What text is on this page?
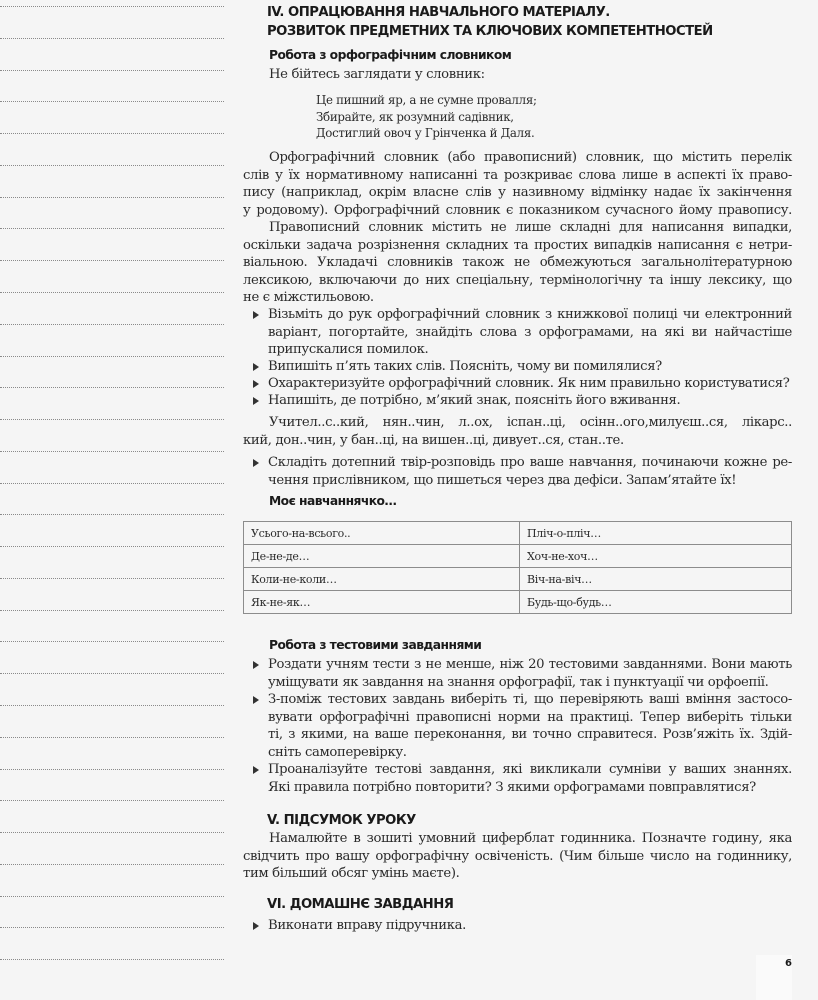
IV. ОПРАЦЮВАННЯ НАВЧАЛЬНОГО МАТЕРІАЛУ.
РОЗВИТОК ПРЕДМЕТНИХ ТА КЛЮЧОВИХ КОМПЕТЕНТНОСТЕЙ
Робота з орфографічним словником
Не бійтесь заглядати у словник:
Це пишний яр, а не сумне провалля;
Збирайте, як розумний садівник,
Достиглий овоч у Грінченка й Даля.
Орфографічний словник (або правописний) словник, що містить перелік
слів у їх нормативному написанні та розкриває слова лише в аспекті їх право-
пису (наприклад, окрім власне слів у називному відмінку надає їх закінчення
у родовому). Орфографічний словник є показником сучасного йому правопису.
Правописний словник містить не лише складні для написання випадки,
оскільки задача розрізнення складних та простих випадків написання є нетри-
віальною. Укладачі словників також не обмежуються загальнолітературною
лексикою, включаючи до них спеціальну, термінологічну та іншу лексику, що
не є міжстильовою.
Візьміть до рук орфографічний словник з книжкової полиці чи електронний
варіант, погортайте, знайдіть слова з орфограмами, на які ви найчастіше
припускалися помилок.
Випишіть п’ять таких слів. Поясніть, чому ви помилялися?
Охарактеризуйте орфографічний словник. Як ним правильно користуватися?
Напишіть, де потрібно, м’який знак, поясніть його вживання.
Учител..с..кий, нян..чин, л..ох, іспан..ці, осінн..ого,милуєш..ся, лікарс..
кий, дон..чин, у бан..ці, на вишен..ці, дивует..ся, стан..те.
Складіть дотепний твір-розповідь про ваше навчання, починаючи кожне ре-
чення прислівником, що пишеться через два дефіси. Запам’ятайте їх!
Моє навчаннячко…
Усього-на-всього..	Пліч-о-пліч…
Де-не-де…	Хоч-не-хоч…
Коли-не-коли…	Віч-на-віч…
Як-не-як…	Будь-що-будь…
Робота з тестовими завданнями
Роздати учням тести з не менше, ніж 20 тестовими завданнями. Вони мають
уміщувати як завдання на знання орфографії, так і пунктуації чи орфоепії.
З-поміж тестових завдань виберіть ті, що перевіряють ваші вміння застосо-
вувати орфографічні правописні норми на практиці. Тепер виберіть тільки
ті, з якими, на ваше переконання, ви точно справитеся. Розв’яжіть їх. Здій-
сніть самоперевірку.
Проаналізуйте тестові завдання, які викликали сумніви у ваших знаннях.
Які правила потрібно повторити? З якими орфограмами повправлятися?
V. ПІДСУМОК УРОКУ
Намалюйте в зошиті умовний циферблат годинника. Позначте годину, яка
свідчить про вашу орфографічну освіченість. (Чим більше число на годиннику,
тим більший обсяг умінь маєте).
VI. ДОМАШНЄ ЗАВДАННЯ
Виконати вправу підручника.
6
